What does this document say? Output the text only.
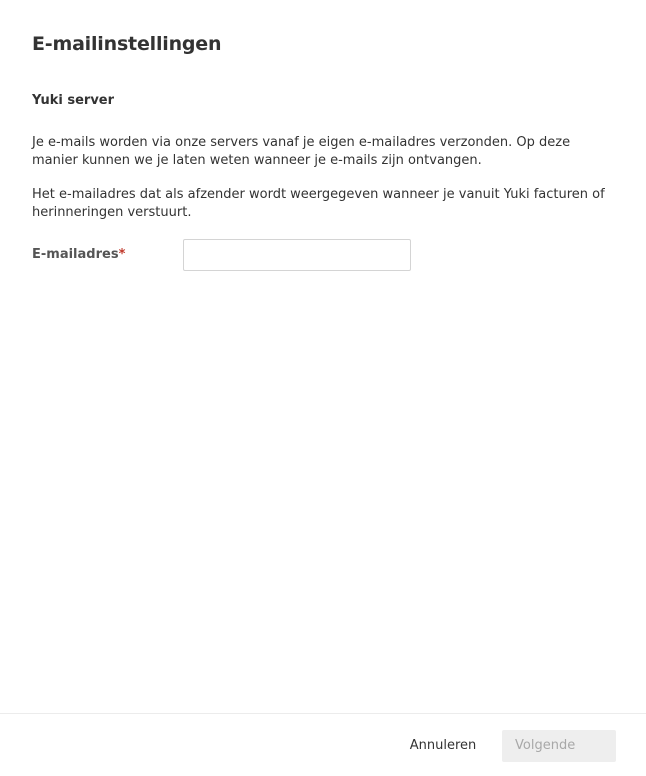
E-mailinstellingen
Yuki server

Je e-mails worden via onze servers vanaf je eigen e-mailadres verzonden. Op deze manier kunnen we je laten weten wanneer je e-mails zijn ontvangen.

Het e-mailadres dat als afzender wordt weergegeven wanneer je vanuit Yuki facturen of herinneringen verstuurt.

E-mailadres*
Annuleren	Volgende
